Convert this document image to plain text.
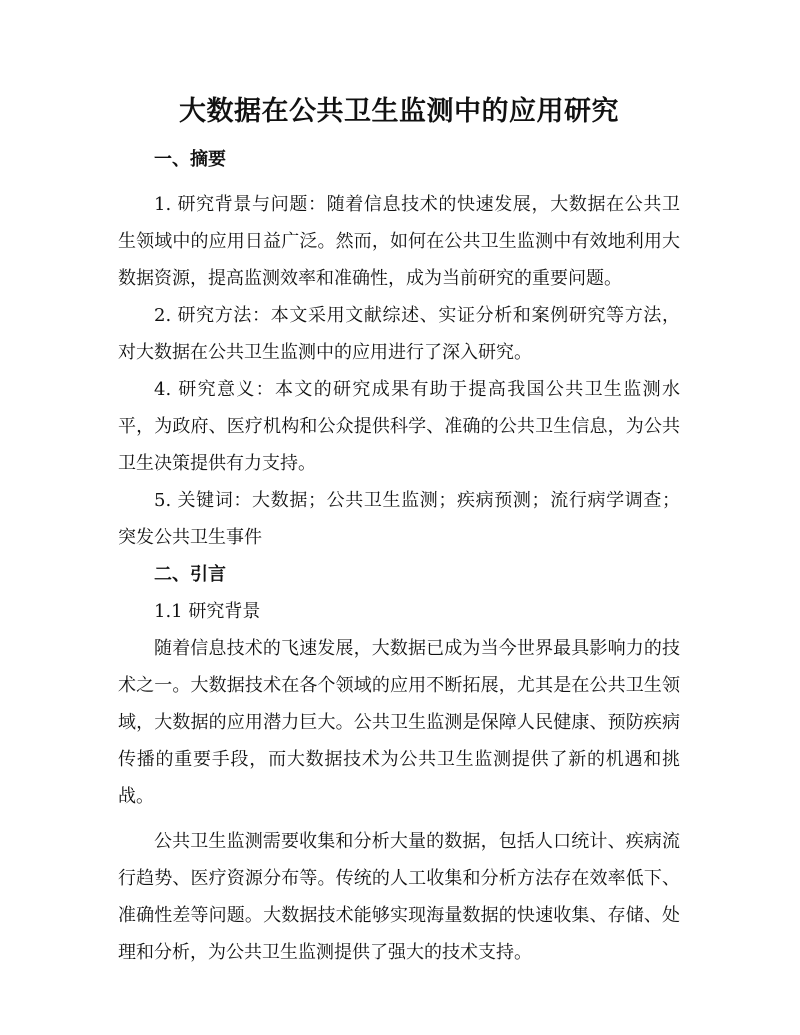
大数据在公共卫生监测中的应用研究

一、摘要

1. 研究背景与问题：随着信息技术的快速发展，大数据在公共卫生领域中的应用日益广泛。然而，如何在公共卫生监测中有效地利用大数据资源，提高监测效率和准确性，成为当前研究的重要问题。

2. 研究方法：本文采用文献综述、实证分析和案例研究等方法，对大数据在公共卫生监测中的应用进行了深入研究。

4. 研究意义：本文的研究成果有助于提高我国公共卫生监测水平，为政府、医疗机构和公众提供科学、准确的公共卫生信息，为公共卫生决策提供有力支持。

5. 关键词：大数据；公共卫生监测；疾病预测；流行病学调查；突发公共卫生事件

二、引言

1.1 研究背景

随着信息技术的飞速发展，大数据已成为当今世界最具影响力的技术之一。大数据技术在各个领域的应用不断拓展，尤其是在公共卫生领域，大数据的应用潜力巨大。公共卫生监测是保障人民健康、预防疾病传播的重要手段，而大数据技术为公共卫生监测提供了新的机遇和挑战。

公共卫生监测需要收集和分析大量的数据，包括人口统计、疾病流行趋势、医疗资源分布等。传统的人工收集和分析方法存在效率低下、准确性差等问题。大数据技术能够实现海量数据的快速收集、存储、处理和分析，为公共卫生监测提供了强大的技术支持。
